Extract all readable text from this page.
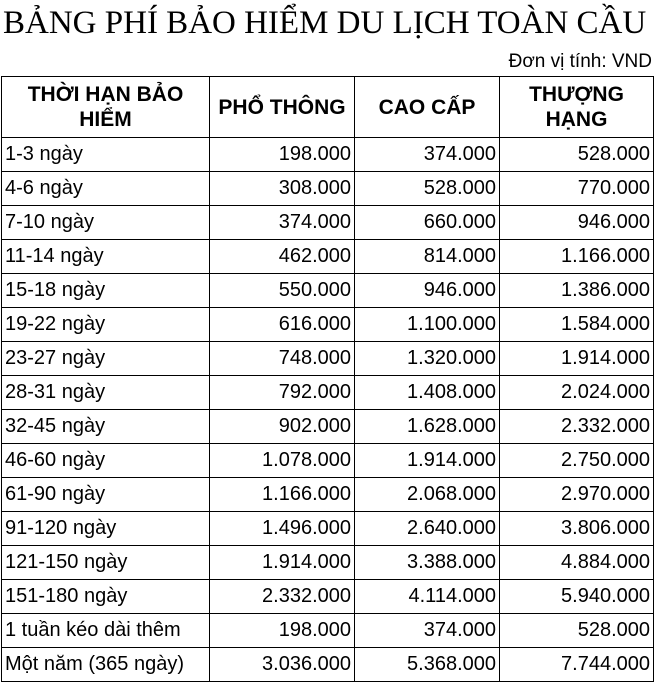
BẢNG PHÍ BẢO HIỂM DU LỊCH TOÀN CẦU
Đơn vị tính: VND
THỜI HẠN BẢO HIỂM	PHỔ THÔNG	CAO CẤP	THƯỢNG HẠNG
1-3 ngày	198.000	374.000	528.000
4-6 ngày	308.000	528.000	770.000
7-10 ngày	374.000	660.000	946.000
11-14 ngày	462.000	814.000	1.166.000
15-18 ngày	550.000	946.000	1.386.000
19-22 ngày	616.000	1.100.000	1.584.000
23-27 ngày	748.000	1.320.000	1.914.000
28-31 ngày	792.000	1.408.000	2.024.000
32-45 ngày	902.000	1.628.000	2.332.000
46-60 ngày	1.078.000	1.914.000	2.750.000
61-90 ngày	1.166.000	2.068.000	2.970.000
91-120 ngày	1.496.000	2.640.000	3.806.000
121-150 ngày	1.914.000	3.388.000	4.884.000
151-180 ngày	2.332.000	4.114.000	5.940.000
1 tuần kéo dài thêm	198.000	374.000	528.000
Một năm (365 ngày)	3.036.000	5.368.000	7.744.000
